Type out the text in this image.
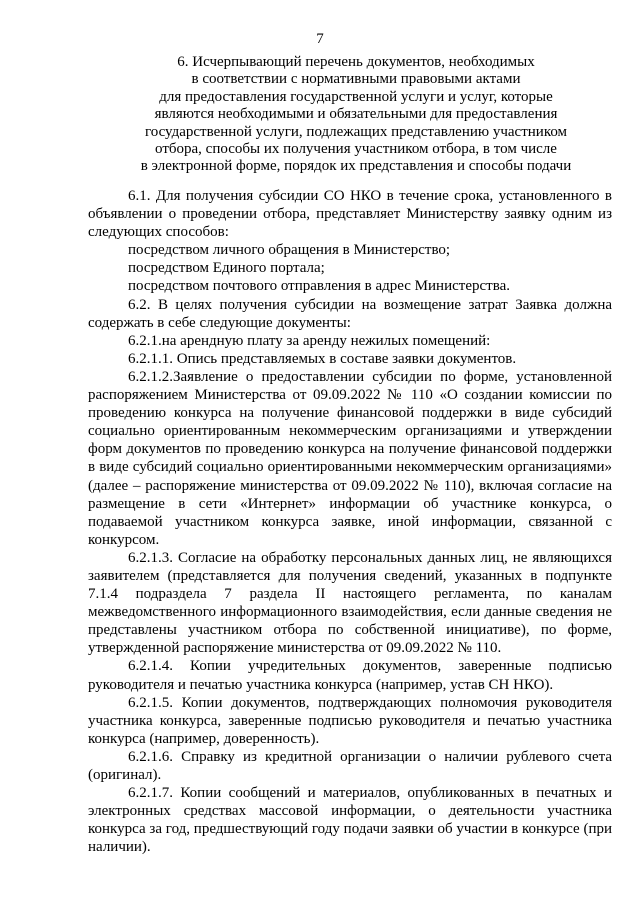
7
6. Исчерпывающий перечень документов, необходимых
в соответствии с нормативными правовыми актами
для предоставления государственной услуги и услуг, которые
являются необходимыми и обязательными для предоставления
государственной услуги, подлежащих представлению участником
отбора, способы их получения участником отбора, в том числе
в электронной форме, порядок их представления и способы подачи

6.1. Для получения субсидии СО НКО в течение срока, установленного в объявлении о проведении отбора, представляет Министерству заявку одним из следующих способов:

посредством личного обращения в Министерство;

посредством Единого портала;

посредством почтового отправления в адрес Министерства.

6.2. В целях получения субсидии на возмещение затрат Заявка должна содержать в себе следующие документы:

6.2.1.на арендную плату за аренду нежилых помещений:

6.2.1.1. Опись представляемых в составе заявки документов.

6.2.1.2.Заявление о предоставлении субсидии по форме, установленной распоряжением Министерства от 09.09.2022 № 110 «О создании комиссии по проведению конкурса на получение финансовой поддержки в виде субсидий социально ориентированным некоммерческим организациями и утверждении форм документов по проведению конкурса на получение финансовой поддержки в виде субсидий социально ориентированными некоммерческим организациями» (далее – распоряжение министерства от 09.09.2022 № 110), включая согласие на размещение в сети «Интернет» информации об участнике конкурса, о подаваемой участником конкурса заявке, иной информации, связанной с конкурсом.

6.2.1.3. Согласие на обработку персональных данных лиц, не являющихся заявителем (представляется для получения сведений, указанных в подпункте 7.1.4 подраздела 7 раздела II настоящего регламента, по каналам межведомственного информационного взаимодействия, если данные сведения не представлены участником отбора по собственной инициативе), по форме, утвержденной распоряжение министерства от 09.09.2022 № 110.

6.2.1.4. Копии учредительных документов, заверенные подписью руководителя и печатью участника конкурса (например, устав СН НКО).

6.2.1.5. Копии документов, подтверждающих полномочия руководителя участника конкурса, заверенные подписью руководителя и печатью участника конкурса (например, доверенность).

6.2.1.6. Справку из кредитной организации о наличии рублевого счета (оригинал).

6.2.1.7. Копии сообщений и материалов, опубликованных в печатных и электронных средствах массовой информации, о деятельности участника конкурса за год, предшествующий году подачи заявки об участии в конкурсе (при наличии).
